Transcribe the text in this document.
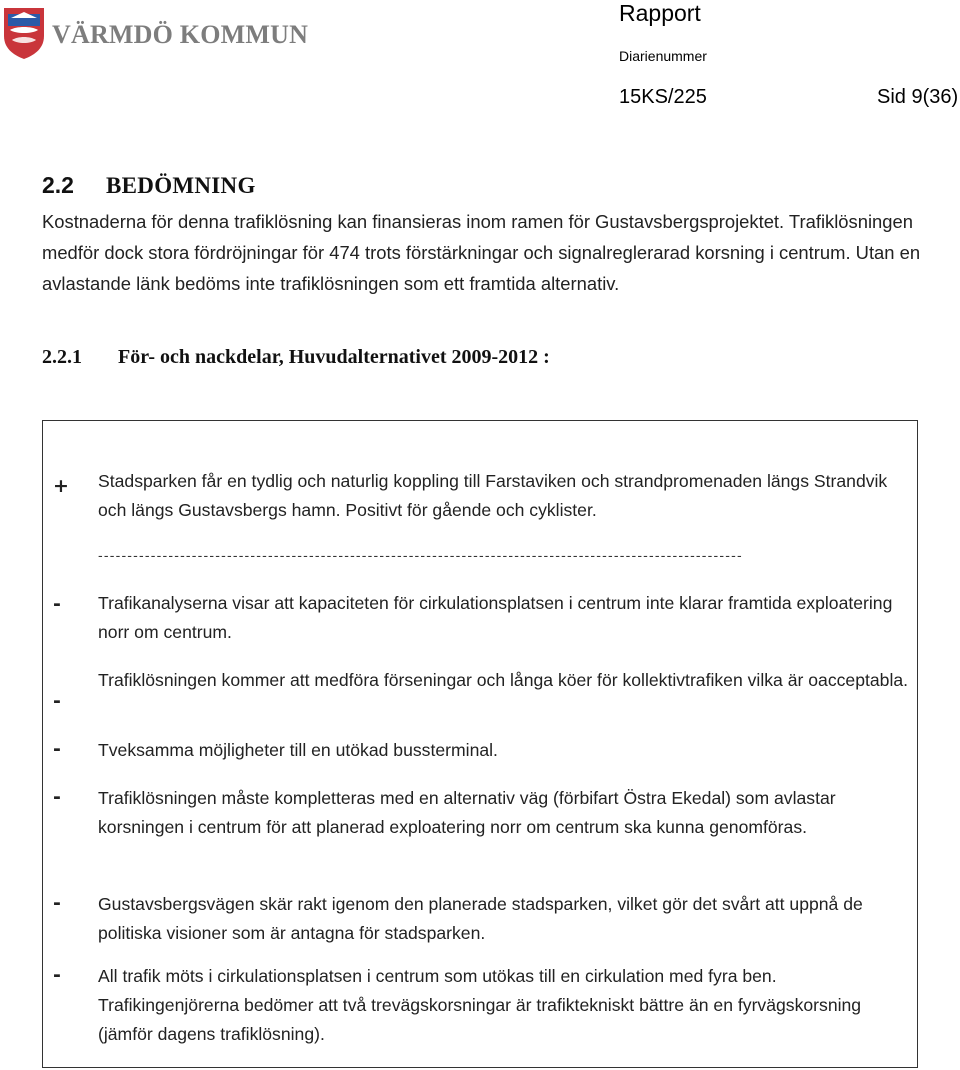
VÄRMDÖ KOMMUN
Rapport
Diarienummer
15KS/225	Sid 9(36)
2.2 BEDÖMNING
Kostnaderna för denna trafiklösning kan finansieras inom ramen för Gustavsbergsprojektet. Trafiklösningen medför dock stora fördröjningar för 474 trots förstärkningar och signalreglerarad korsning i centrum. Utan en avlastande länk bedöms inte trafiklösningen som ett framtida alternativ.
2.2.1 För- och nackdelar, Huvudalternativet 2009-2012 :
+ Stadsparken får en tydlig och naturlig koppling till Farstaviken och strandpromenaden längs Strandvik och längs Gustavsbergs hamn. Positivt för gående och cyklister.
--------------------------------------------------------------------------------------------------------------
- Trafikanalyserna visar att kapaciteten för cirkulationsplatsen i centrum inte klarar framtida exploatering norr om centrum.
-
Trafiklösningen kommer att medföra förseningar och långa köer för kollektivtrafiken vilka är oacceptabla.
- Tveksamma möjligheter till en utökad bussterminal.
- Trafiklösningen måste kompletteras med en alternativ väg (förbifart Östra Ekedal) som avlastar korsningen i centrum för att planerad exploatering norr om centrum ska kunna genomföras.
- Gustavsbergsvägen skär rakt igenom den planerade stadsparken, vilket gör det svårt att uppnå de politiska visioner som är antagna för stadsparken.
- All trafik möts i cirkulationsplatsen i centrum som utökas till en cirkulation med fyra ben. Trafikingenjörerna bedömer att två trevägskorsningar är trafiktekniskt bättre än en fyrvägskorsning (jämför dagens trafiklösning).
